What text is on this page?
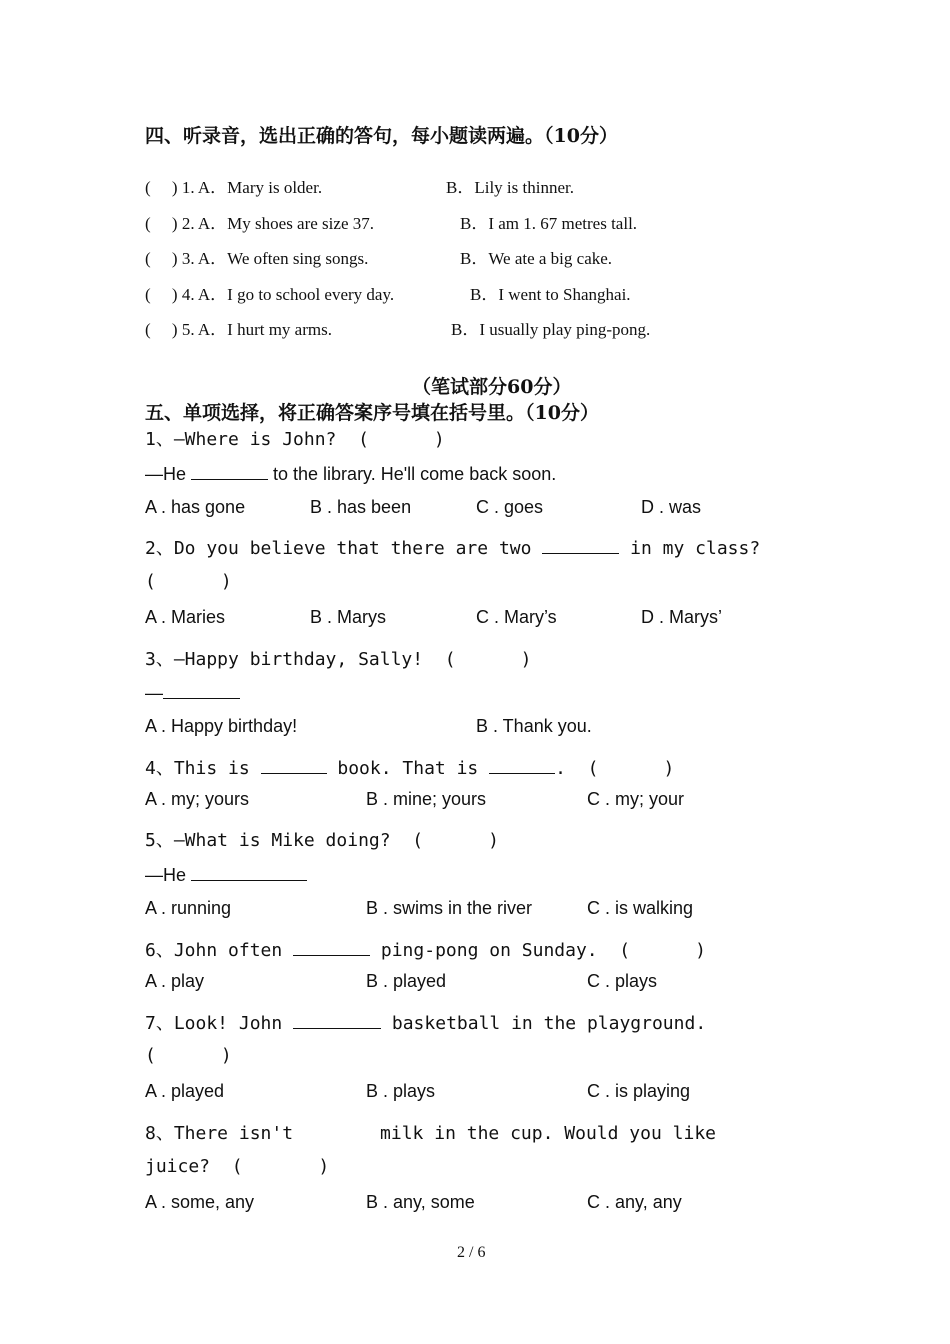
四、听录音，选出正确的答句，每小题读两遍。（10分）
(     ) 1. A．Mary is older.	B．Lily is thinner.
(     ) 2. A．My shoes are size 37.	B．I am 1. 67 metres tall.
(     ) 3. A．We often sing songs.	B．We ate a big cake.
(     ) 4. A．I go to school every day.	B．I went to Shanghai.
(     ) 5. A．I hurt my arms.	B．I usually play ping-pong.
（笔试部分60分）
五、单项选择，将正确答案序号填在括号里。（10分）
1、—Where is John?  (      )
—He	to the library. He'll come back soon.
A . has gone	B . has been	C . goes	D . was
2、Do you believe that there are two	in my class?
(      )
A . Maries	B . Marys	C . Mary’s	D . Marys’
3、—Happy birthday, Sally!  (      )
—
A . Happy birthday!	B . Thank you.
4、This is	book. That is	.  (      )
A . my; yours	B . mine; yours	C . my; your
5、—What is Mike doing?  (      )
—He
A . running	B . swims in the river	C . is walking
6、John often	ping-pong on Sunday.  (      )
A . play	B . played	C . plays
7、Look! John	basketball in the playground.
(      )
A . played	B . plays	C . is playing
8、There isn't	milk in the cup. Would you like
juice?  (       )
A . some, any	B . any, some	C . any, any
2 / 6
